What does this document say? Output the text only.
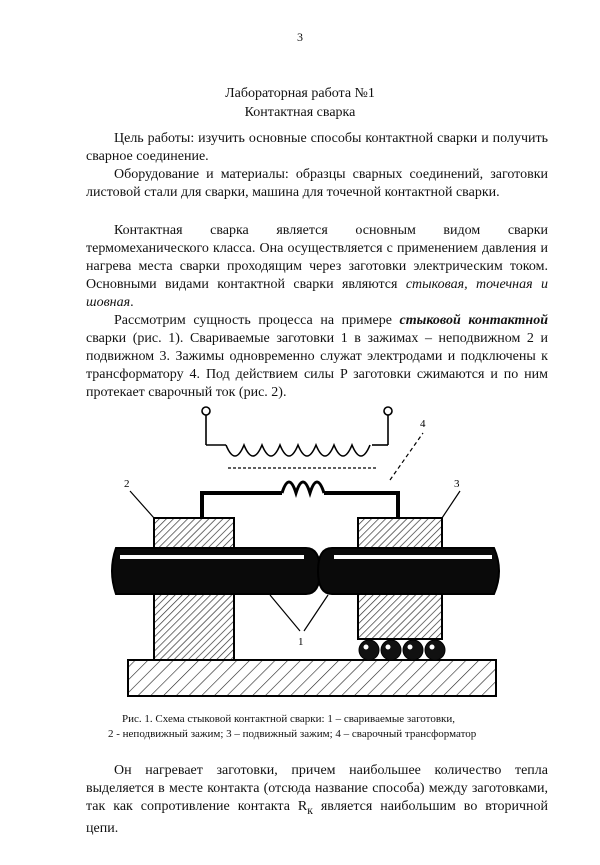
3
Лабораторная работа №1
Контактная сварка

Цель работы: изучить основные способы контактной сварки и получить сварное соединение.

Оборудование и материалы: образцы сварных соединений, заготовки листовой стали для сварки, машина для точечной контактной сварки.

Контактная сварка является основным видом сварки термомеханического класса. Она осуществляется с применением давления и нагрева места сварки проходящим через заготовки электрическим током. Основными видами контактной сварки являются стыковая, точечная и шовная.

Рассмотрим сущность процесса на примере стыковой контактной сварки (рис. 1). Свариваемые заготовки 1 в зажимах – неподвижном 2 и подвижном 3. Зажимы одновременно служат электродами и подключены к трансформатору 4. Под действием силы P заготовки сжимаются и по ним протекает сварочный ток (рис. 2).

4
2	3
1
Рис. 1. Схема стыковой контактной сварки: 1 – свариваемые заготовки,
2 - неподвижный зажим; 3 – подвижный зажим; 4 – сварочный трансформатор

Он нагревает заготовки, причем наибольшее количество тепла выделяется в месте контакта (отсюда название способа) между заготовками, так как сопротивление контакта $R_к$ является наибольшим во вторичной цепи.
